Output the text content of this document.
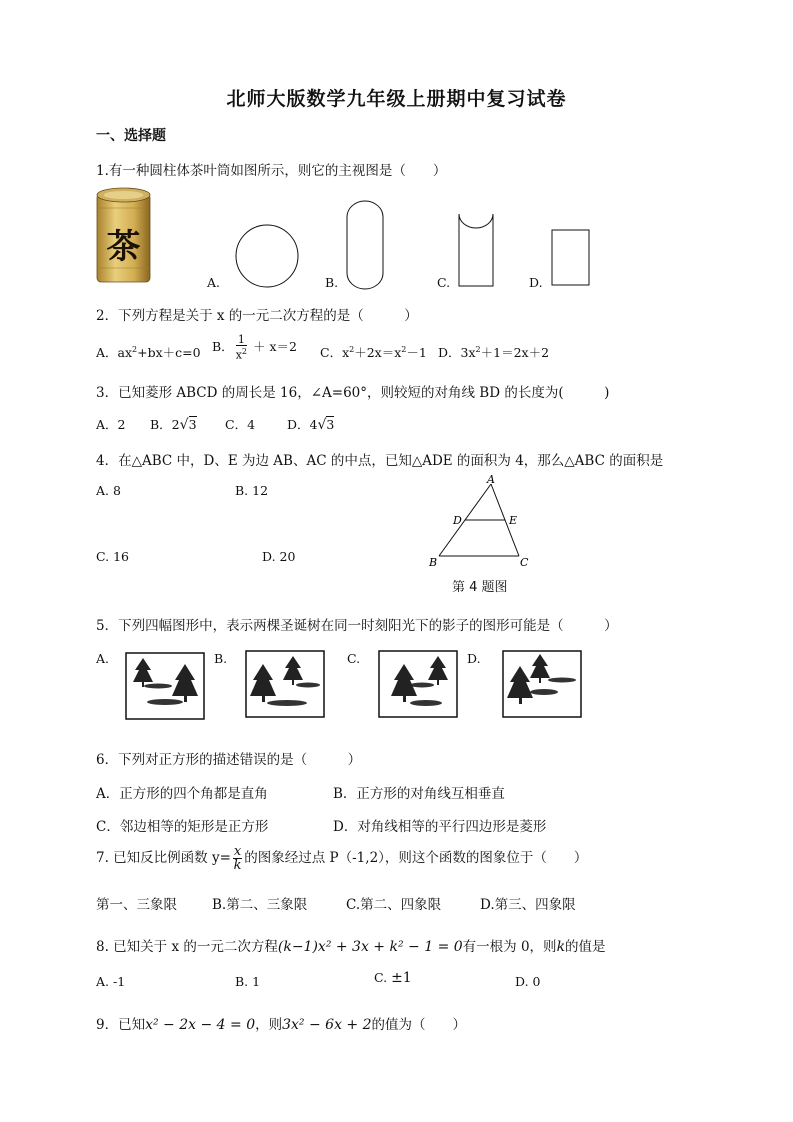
北师大版数学九年级上册期中复习试卷
一、选择题
1.有一种圆柱体茶叶筒如图所示，则它的主视图是（　　）
茶
A.	B.	C.	D.
2．下列方程是关于 x 的一元二次方程的是（　　　）
A．$ax^2+bx+c=0$ B． $\frac{1}{x^2} + x=2$ C．$x^2+2x=x^2-1$ D．$3x^2+1=2x+2$
3．已知菱形 ABCD 的周长是 16，∠A=60°，则较短的对角线 BD 的长度为(　　　)
A．2 B．2√3 C．4	D．4√3
4．在△ABC 中，D、E 为边 AB、AC 的中点，已知△ADE 的面积为 4，那么△ABC 的面积是
A. 8	B. 12
C. 16	D. 20
A
D	E
B	C
第 4 题图
5．下列四幅图形中，表示两棵圣诞树在同一时刻阳光下的影子的图形可能是（　　　）
A.	B.	C.	D.
6．下列对正方形的描述错误的是（　　　）
A．正方形的四个角都是直角	B．正方形的对角线互相垂直
C．邻边相等的矩形是正方形	D．对角线相等的平行四边形是菱形
7. 已知反比例函数 $y= \frac{x}{k}$ 的图象经过点 P（-1,2），则这个函数的图象位于（　　）
第一、三象限	B.第二、三象限	C.第二、四象限	D.第三、四象限
8. 已知关于 x 的一元二次方程(k−1)x² + 3x + k² − 1 = 0有一根为 0，则k的值是
A. -1	B. 1	C. ±1	D. 0
9．已知x² − 2x − 4 = 0，则3x² − 6x + 2的值为（　　）
